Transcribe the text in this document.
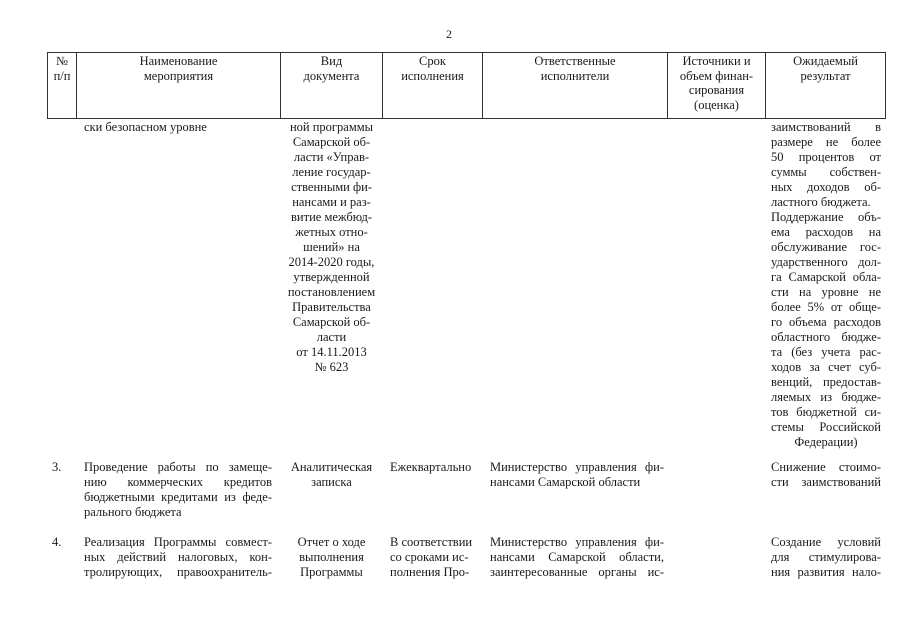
2
№
п/п
Наименование
мероприятия
Вид
документа
Срок
исполнения
Ответственные
исполнители
Источники и
объем финан-
сирования
(оценка)
Ожидаемый
результат
ски безопасном уровне	ной программы
Самарской об-
ласти «Управ-
ление государ-
ственными фи-
нансами и раз-
витие межбюд-
жетных отно-
шений» на
2014-2020 годы,
утвержденной
постановлением
Правительства
Самарской об-
ласти
от 14.11.2013
№ 623
заимствований в
размере не более
50 процентов от
суммы собствен-
ных доходов об-
ластного бюджета.
Поддержание объ-
ема расходов на
обслуживание гос-
ударственного дол-
га Самарской обла-
сти на уровне не
более 5% от обще-
го объема расходов
областного бюдже-
та (без учета рас-
ходов за счет суб-
венций, предостав-
ляемых из бюдже-
тов бюджетной си-
стемы Российской
Федерации)
3. Проведение работы по замеще-
нию коммерческих кредитов
бюджетными кредитами из феде-
рального бюджета
Аналитическая
записка
Ежеквартально	Министерство управления фи-
нансами Самарской области
Снижение стоимо-
сти заимствований
4. Реализация Программы совмест-
ных действий налоговых, кон-
тролирующих, правоохранитель-
Отчет о ходе
выполнения
Программы
В соответствии
со сроками ис-
полнения Про-
Министерство управления фи-
нансами Самарской области,
заинтересованные органы ис-
Создание условий
для стимулирова-
ния развития нало-
